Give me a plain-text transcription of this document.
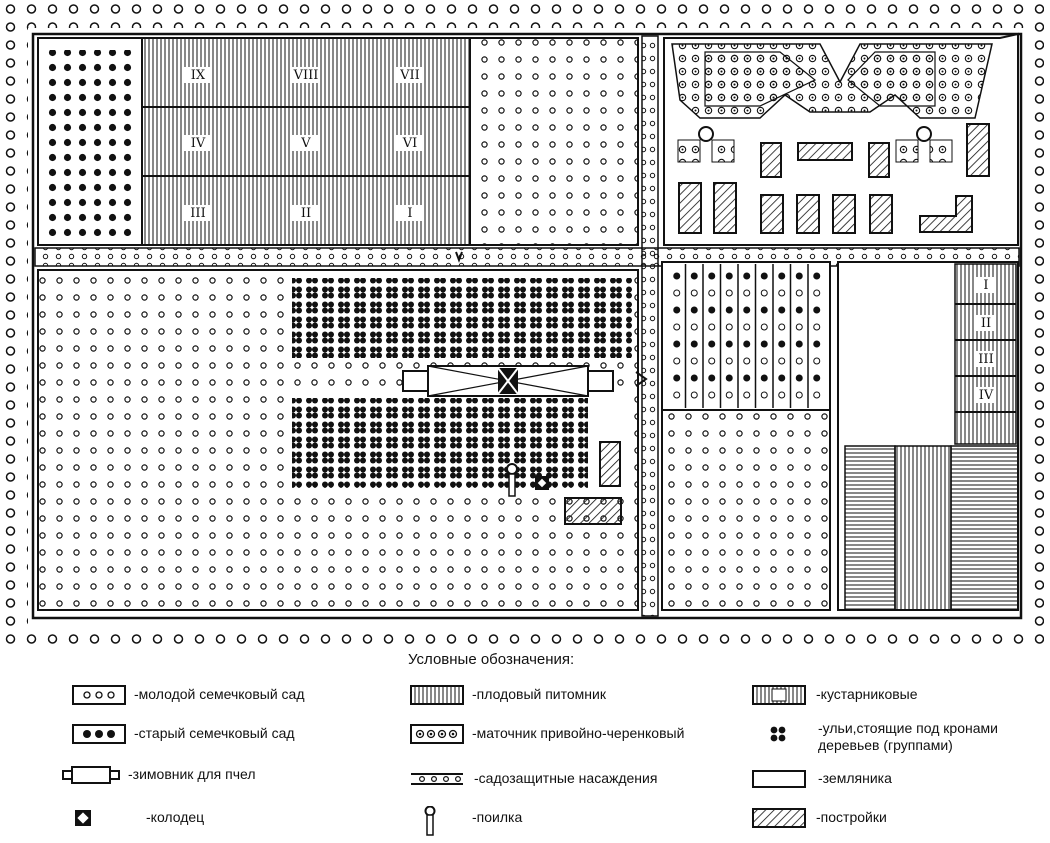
IX	VIII	VII
IV	V	VI
III	II	I
I
II
III
IV
Условные обозначения:
-молодой семечковый сад	-плодовый питомник	-кустарниковые
-старый семечковый сад	-маточник привойно-черенковый	-ульи,стоящие под кронами деревьев (группами)
-зимовник для пчел	-садозащитные насаждения	-земляника
-колодец	-поилка	-постройки
